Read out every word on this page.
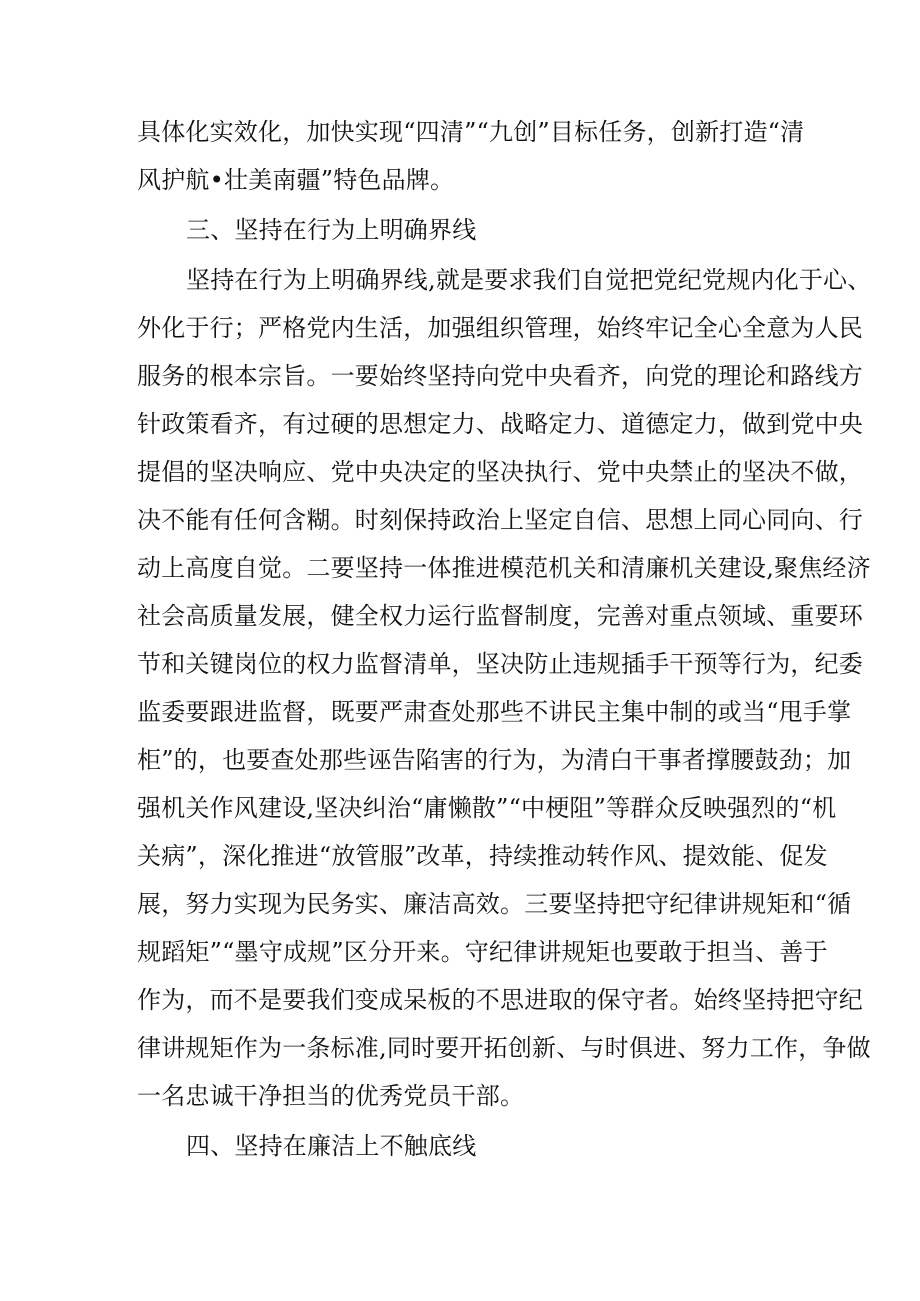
具体化实效化，加快实现“四清”“九创”目标任务，创新打造“清
风护航•壮美南疆”特色品牌。
三、坚持在行为上明确界线
坚持在行为上明确界线,就是要求我们自觉把党纪党规内化于心、
外化于行；严格党内生活，加强组织管理，始终牢记全心全意为人民
服务的根本宗旨。一要始终坚持向党中央看齐，向党的理论和路线方
针政策看齐，有过硬的思想定力、战略定力、道德定力，做到党中央
提倡的坚决响应、党中央决定的坚决执行、党中央禁止的坚决不做，
决不能有任何含糊。时刻保持政治上坚定自信、思想上同心同向、行
动上高度自觉。二要坚持一体推进模范机关和清廉机关建设,聚焦经济
社会高质量发展，健全权力运行监督制度，完善对重点领域、重要环
节和关键岗位的权力监督清单，坚决防止违规插手干预等行为，纪委
监委要跟进监督，既要严肃查处那些不讲民主集中制的或当“甩手掌
柜”的，也要查处那些诬告陷害的行为，为清白干事者撑腰鼓劲；加
强机关作风建设,坚决纠治“庸懒散”“中梗阻”等群众反映强烈的“机
关病”，深化推进“放管服”改革，持续推动转作风、提效能、促发
展，努力实现为民务实、廉洁高效。三要坚持把守纪律讲规矩和“循
规蹈矩”“墨守成规”区分开来。守纪律讲规矩也要敢于担当、善于
作为，而不是要我们变成呆板的不思进取的保守者。始终坚持把守纪
律讲规矩作为一条标准,同时要开拓创新、与时俱进、努力工作，争做
一名忠诚干净担当的优秀党员干部。
四、坚持在廉洁上不触底线
